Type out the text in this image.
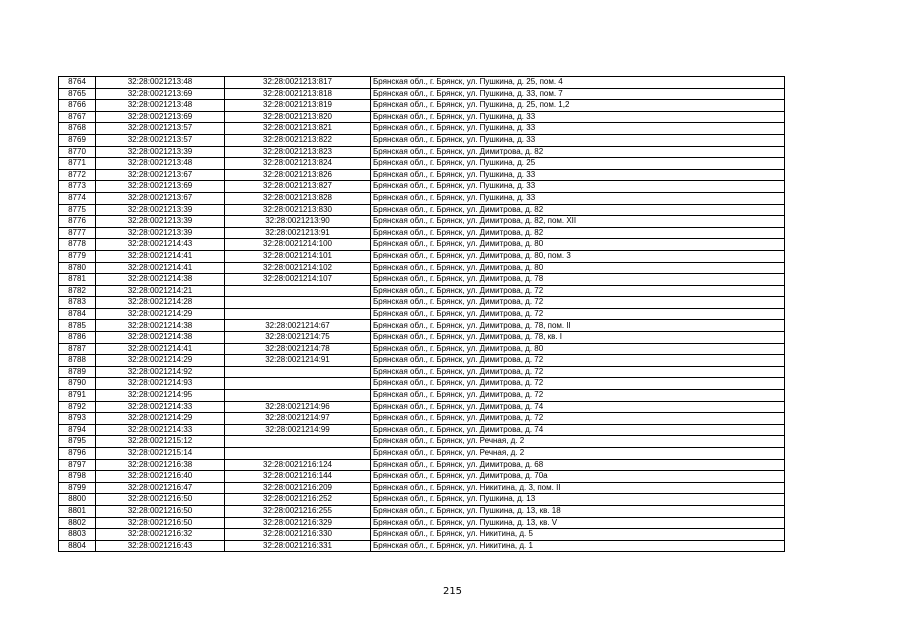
8764	32:28:0021213:48	32:28:0021213:817	Брянская обл., г. Брянск, ул. Пушкина, д. 25, пом. 4
8765	32:28:0021213:69	32:28:0021213:818	Брянская обл., г. Брянск, ул. Пушкина, д. 33, пом. 7
8766	32:28:0021213:48	32:28:0021213:819	Брянская обл., г. Брянск, ул. Пушкина, д. 25, пом. 1,2
8767	32:28:0021213:69	32:28:0021213:820	Брянская обл., г. Брянск, ул. Пушкина, д. 33
8768	32:28:0021213:57	32:28:0021213:821	Брянская обл., г. Брянск, ул. Пушкина, д. 33
8769	32:28:0021213:57	32:28:0021213:822	Брянская обл., г. Брянск, ул. Пушкина, д. 33
8770	32:28:0021213:39	32:28:0021213:823	Брянская обл., г. Брянск, ул. Димитрова, д. 82
8771	32:28:0021213:48	32:28:0021213:824	Брянская обл., г. Брянск, ул. Пушкина, д. 25
8772	32:28:0021213:67	32:28:0021213:826	Брянская обл., г. Брянск, ул. Пушкина, д. 33
8773	32:28:0021213:69	32:28:0021213:827	Брянская обл., г. Брянск, ул. Пушкина, д. 33
8774	32:28:0021213:67	32:28:0021213:828	Брянская обл., г. Брянск, ул. Пушкина, д. 33
8775	32:28:0021213:39	32:28:0021213:830	Брянская обл., г. Брянск, ул. Димитрова, д. 82
8776	32:28:0021213:39	32:28:0021213:90	Брянская обл., г. Брянск, ул. Димитрова, д. 82, пом. XII
8777	32:28:0021213:39	32:28:0021213:91	Брянская обл., г. Брянск, ул. Димитрова, д. 82
8778	32:28:0021214:43	32:28:0021214:100	Брянская обл., г. Брянск, ул. Димитрова, д. 80
8779	32:28:0021214:41	32:28:0021214:101	Брянская обл., г. Брянск, ул. Димитрова, д. 80, пом. 3
8780	32:28:0021214:41	32:28:0021214:102	Брянская обл., г. Брянск, ул. Димитрова, д. 80
8781	32:28:0021214:38	32:28:0021214:107	Брянская обл., г. Брянск, ул. Димитрова, д. 78
8782	32:28:0021214:21		Брянская обл., г. Брянск, ул. Димитрова, д. 72
8783	32:28:0021214:28		Брянская обл., г. Брянск, ул. Димитрова, д. 72
8784	32:28:0021214:29		Брянская обл., г. Брянск, ул. Димитрова, д. 72
8785	32:28:0021214:38	32:28:0021214:67	Брянская обл., г. Брянск, ул. Димитрова, д. 78, пом. II
8786	32:28:0021214:38	32:28:0021214:75	Брянская обл., г. Брянск, ул. Димитрова, д. 78, кв. I
8787	32:28:0021214:41	32:28:0021214:78	Брянская обл., г. Брянск, ул. Димитрова, д. 80
8788	32:28:0021214:29	32:28:0021214:91	Брянская обл., г. Брянск, ул. Димитрова, д. 72
8789	32:28:0021214:92		Брянская обл., г. Брянск, ул. Димитрова, д. 72
8790	32:28:0021214:93		Брянская обл., г. Брянск, ул. Димитрова, д. 72
8791	32:28:0021214:95		Брянская обл., г. Брянск, ул. Димитрова, д. 72
8792	32:28:0021214:33	32:28:0021214:96	Брянская обл., г. Брянск, ул. Димитрова, д. 74
8793	32:28:0021214:29	32:28:0021214:97	Брянская обл., г. Брянск, ул. Димитрова, д. 72
8794	32:28:0021214:33	32:28:0021214:99	Брянская обл., г. Брянск, ул. Димитрова, д. 74
8795	32:28:0021215:12		Брянская обл., г. Брянск, ул. Речная, д. 2
8796	32:28:0021215:14		Брянская обл., г. Брянск, ул. Речная, д. 2
8797	32:28:0021216:38	32:28:0021216:124	Брянская обл., г. Брянск, ул. Димитрова, д. 68
8798	32:28:0021216:40	32:28:0021216:144	Брянская обл., г. Брянск, ул. Димитрова, д. 70а
8799	32:28:0021216:47	32:28:0021216:209	Брянская обл., г. Брянск, ул. Никитина, д. 3, пом. II
8800	32:28:0021216:50	32:28:0021216:252	Брянская обл., г. Брянск, ул. Пушкина, д. 13
8801	32:28:0021216:50	32:28:0021216:255	Брянская обл., г. Брянск, ул. Пушкина, д. 13, кв. 18
8802	32:28:0021216:50	32:28:0021216:329	Брянская обл., г. Брянск, ул. Пушкина, д. 13, кв. V
8803	32:28:0021216:32	32:28:0021216:330	Брянская обл., г. Брянск, ул. Никитина, д. 5
8804	32:28:0021216:43	32:28:0021216:331	Брянская обл., г. Брянск, ул. Никитина, д. 1
215
